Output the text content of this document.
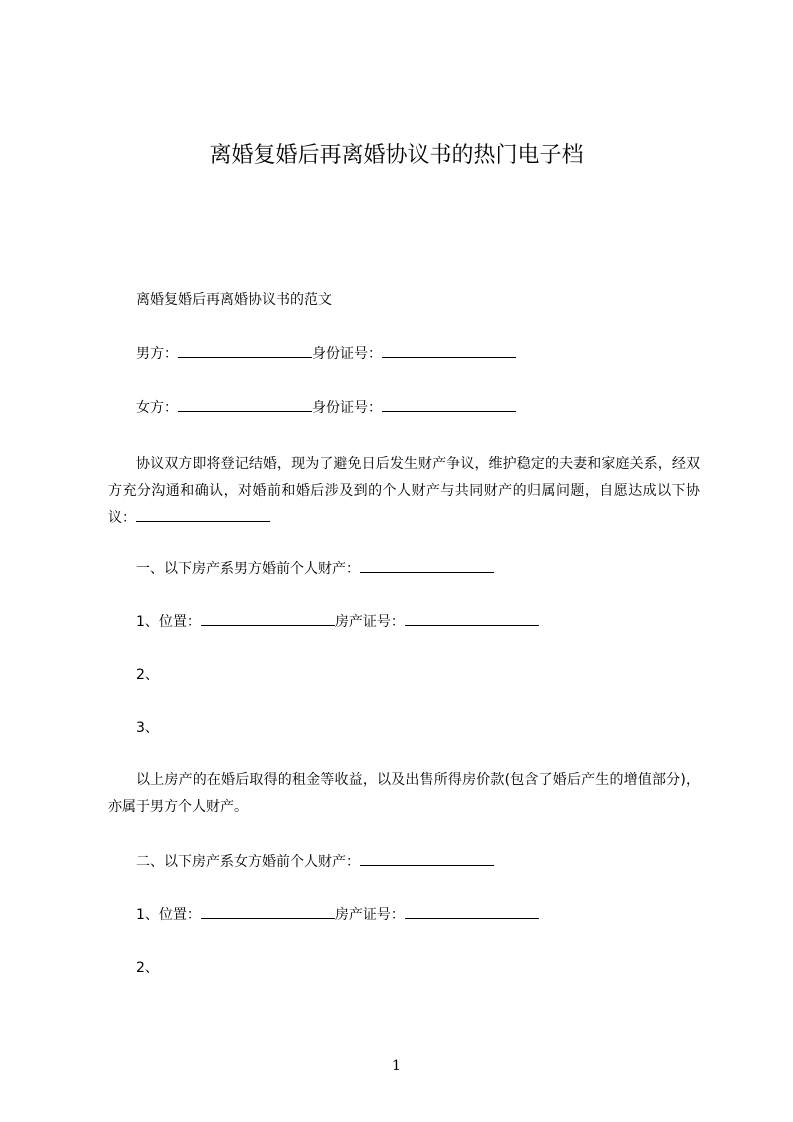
离婚复婚后再离婚协议书的热门电子档
离婚复婚后再离婚协议书的范文
男方：	身份证号：
女方：	身份证号：
协议双方即将登记结婚，现为了避免日后发生财产争议，维护稳定的夫妻和家庭关系，经双方充分沟通和确认，对婚前和婚后涉及到的个人财产与共同财产的归属问题，自愿达成以下协议：
一、以下房产系男方婚前个人财产：
1、位置：	房产证号：
2、
3、
以上房产的在婚后取得的租金等收益，以及出售所得房价款(包含了婚后产生的增值部分)，亦属于男方个人财产。
二、以下房产系女方婚前个人财产：
1、位置：	房产证号：
2、
1
